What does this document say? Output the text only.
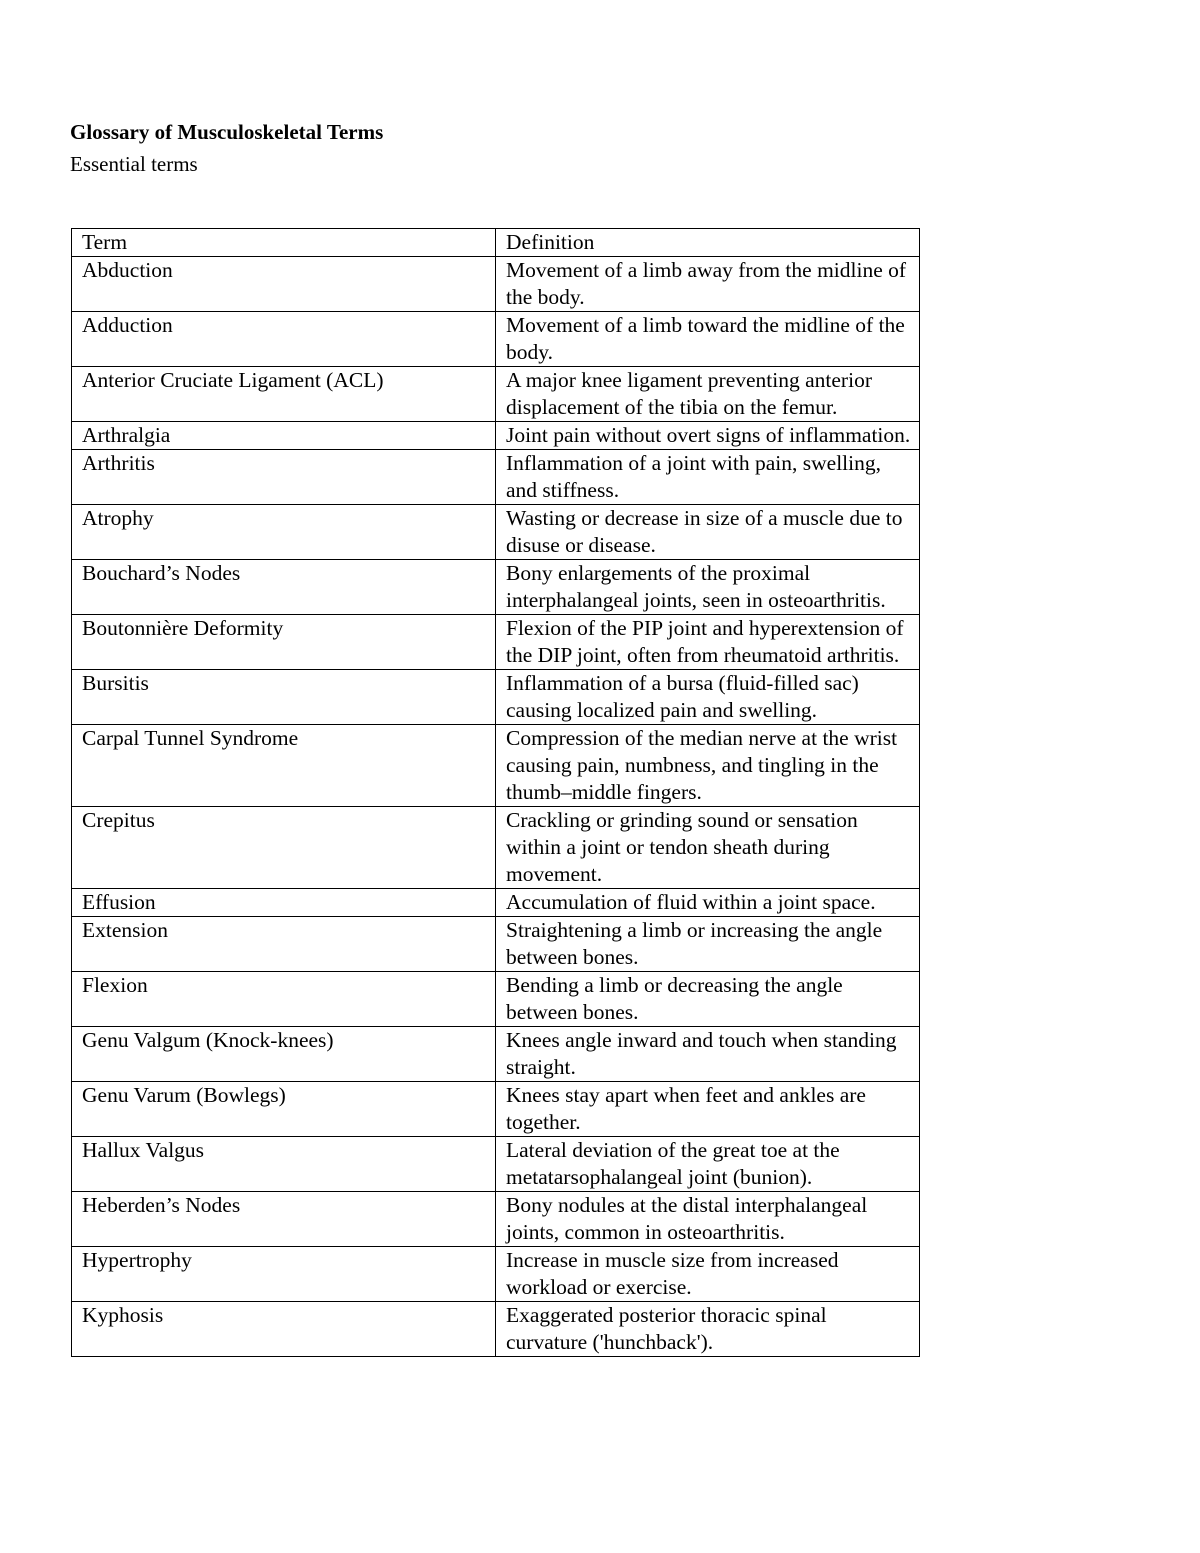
Glossary of Musculoskeletal Terms
Essential terms
Term	Definition
Abduction	Movement of a limb away from the midline of the body.
Adduction	Movement of a limb toward the midline of the body.
Anterior Cruciate Ligament (ACL)	A major knee ligament preventing anterior displacement of the tibia on the femur.
Arthralgia	Joint pain without overt signs of inflammation.
Arthritis	Inflammation of a joint with pain, swelling, and stiffness.
Atrophy	Wasting or decrease in size of a muscle due to disuse or disease.
Bouchard’s Nodes	Bony enlargements of the proximal interphalangeal joints, seen in osteoarthritis.
Boutonnière Deformity	Flexion of the PIP joint and hyperextension of the DIP joint, often from rheumatoid arthritis.
Bursitis	Inflammation of a bursa (fluid-filled sac) causing localized pain and swelling.
Carpal Tunnel Syndrome	Compression of the median nerve at the wrist causing pain, numbness, and tingling in the thumb–middle fingers.
Crepitus	Crackling or grinding sound or sensation within a joint or tendon sheath during movement.
Effusion	Accumulation of fluid within a joint space.
Extension	Straightening a limb or increasing the angle between bones.
Flexion	Bending a limb or decreasing the angle between bones.
Genu Valgum (Knock-knees)	Knees angle inward and touch when standing straight.
Genu Varum (Bowlegs)	Knees stay apart when feet and ankles are together.
Hallux Valgus	Lateral deviation of the great toe at the metatarsophalangeal joint (bunion).
Heberden’s Nodes	Bony nodules at the distal interphalangeal joints, common in osteoarthritis.
Hypertrophy	Increase in muscle size from increased workload or exercise.
Kyphosis	Exaggerated posterior thoracic spinal curvature ('hunchback').
